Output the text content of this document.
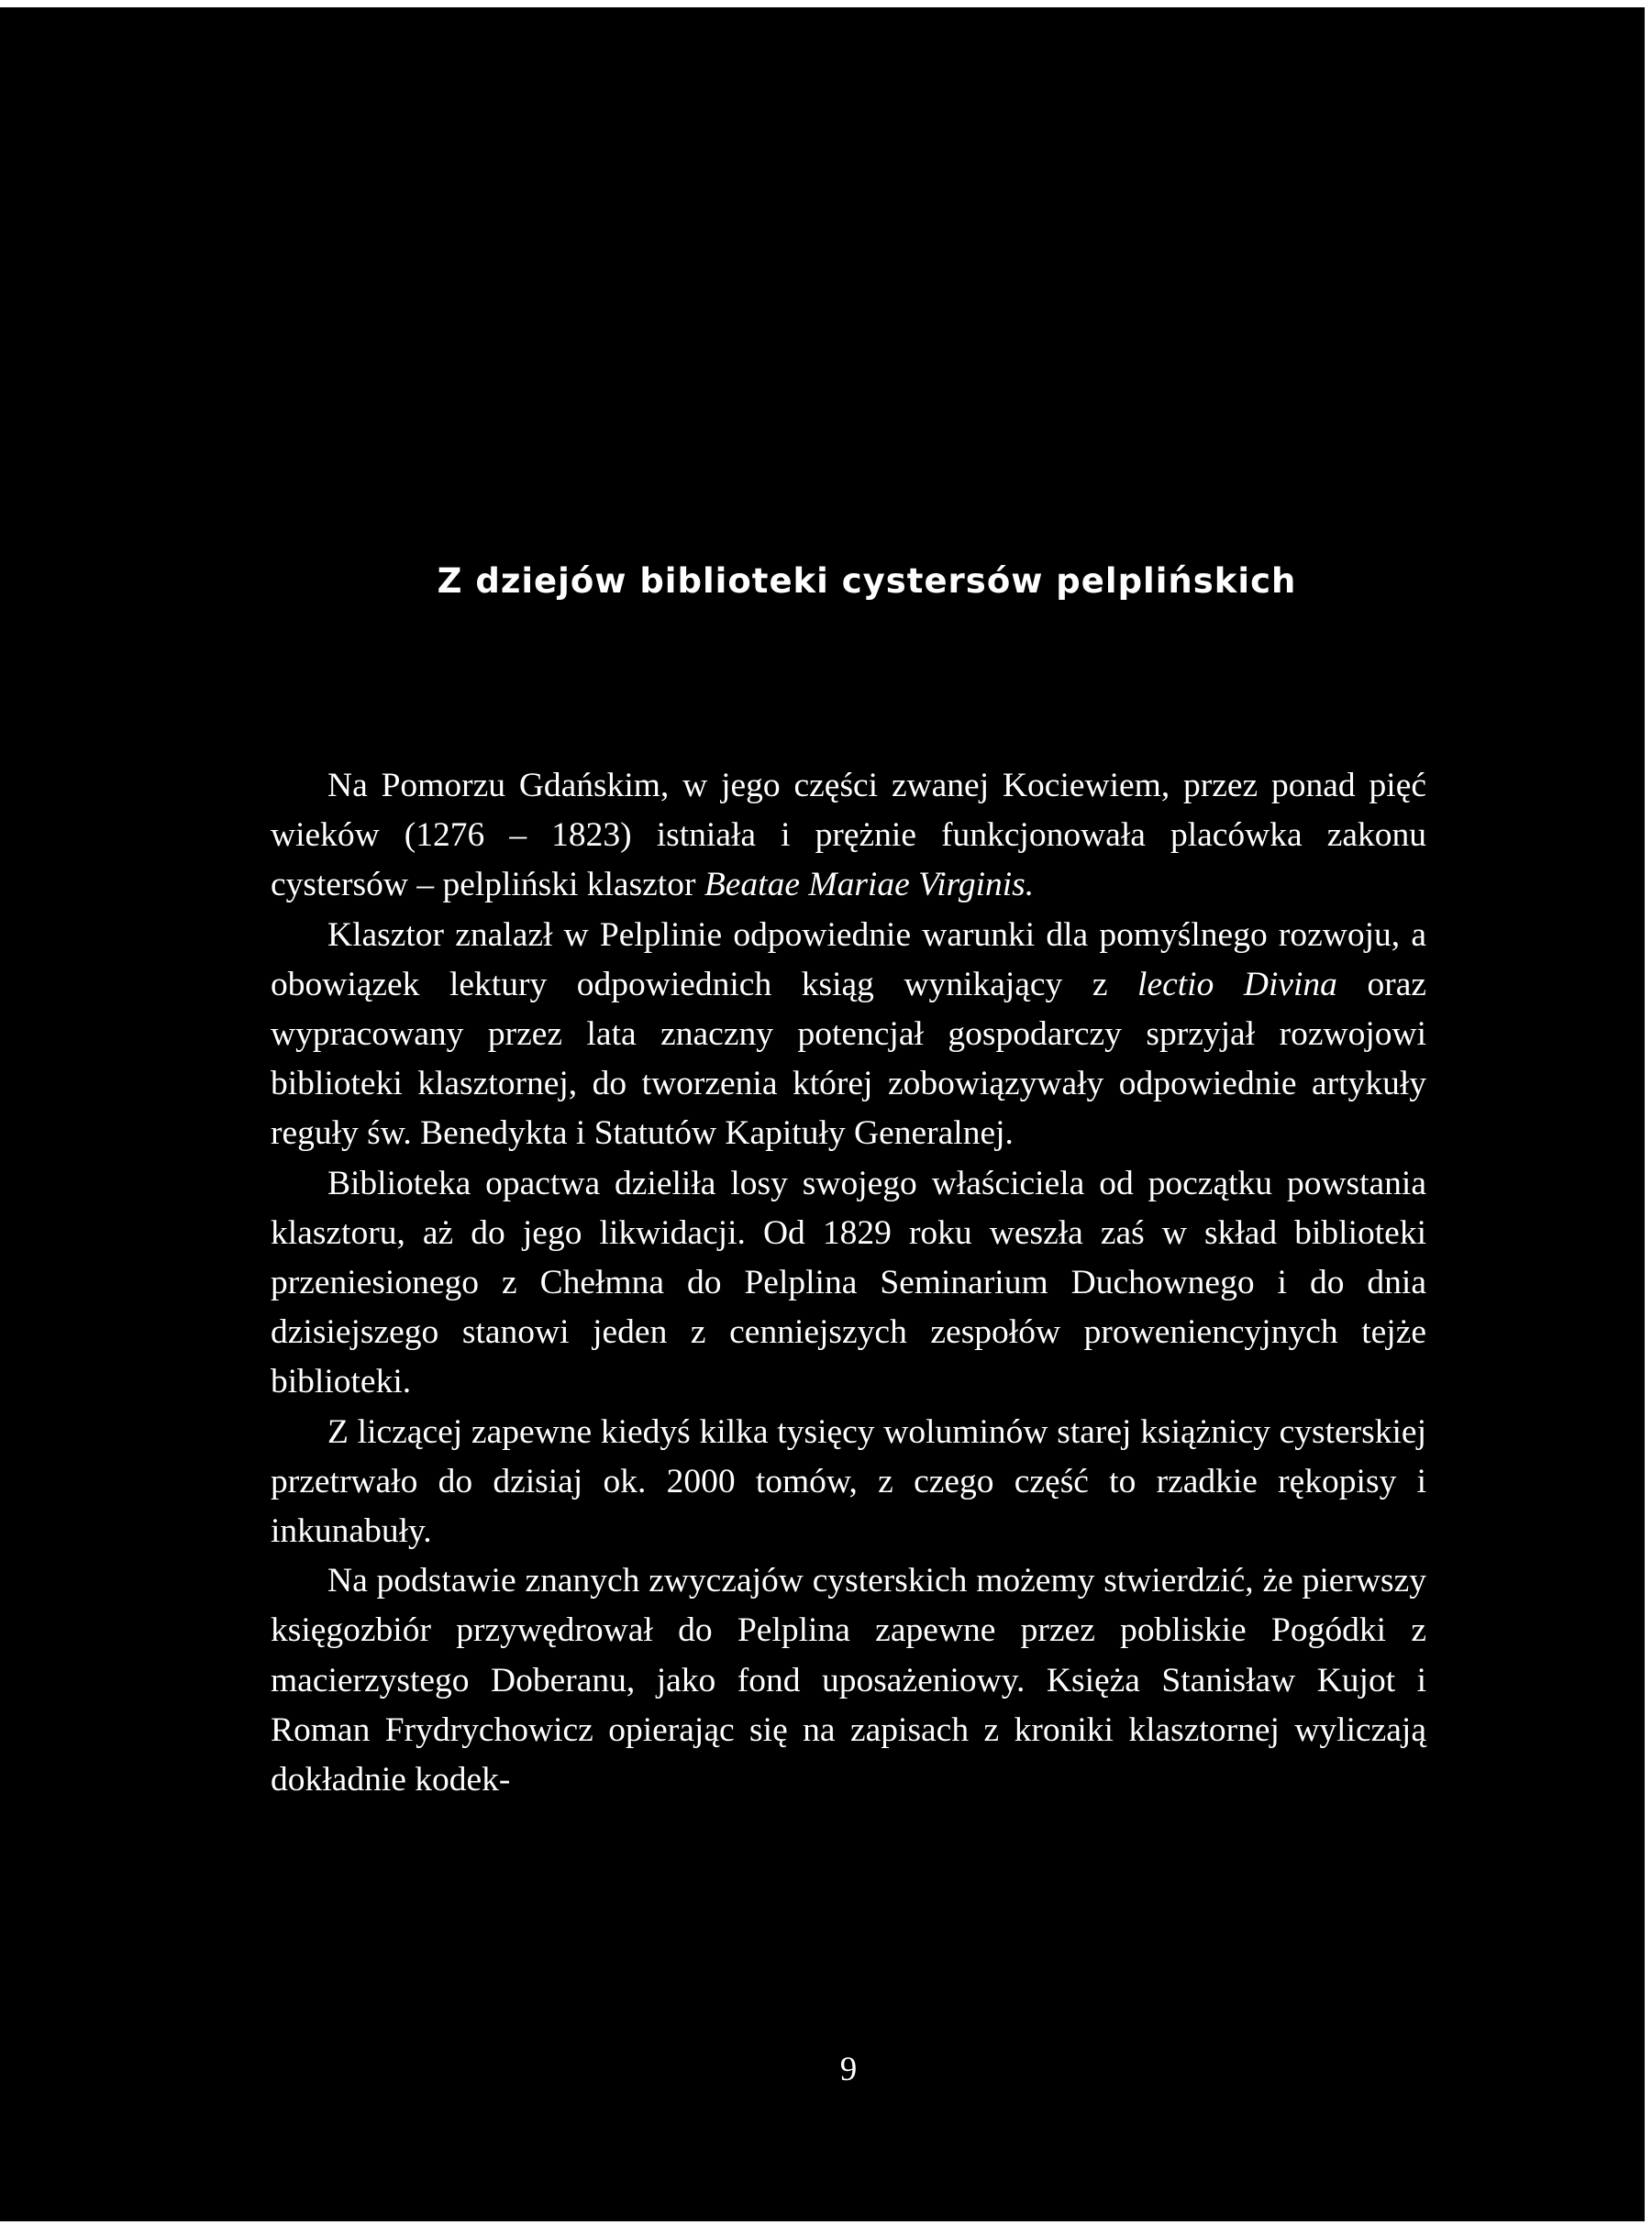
Z dziejów biblioteki cystersów pelplińskich

Na Pomorzu Gdańskim, w jego części zwanej Kociewiem, przez ponad pięć wieków (1276 – 1823) istniała i prężnie funkcjonowała placówka zakonu cystersów – pelpliński klasztor Beatae Mariae Virginis.

Klasztor znalazł w Pelplinie odpowiednie warunki dla pomyślnego rozwoju, a obowiązek lektury odpowiednich ksiąg wynikający z lectio Divina oraz wypracowany przez lata znaczny potencjał gospodarczy sprzyjał rozwojowi biblioteki klasztornej, do tworzenia której zobowiązywały odpowiednie artykuły reguły św. Benedykta i Statutów Kapituły Generalnej.

Biblioteka opactwa dzieliła losy swojego właściciela od początku powstania klasztoru, aż do jego likwidacji. Od 1829 roku weszła zaś w skład biblioteki przeniesionego z Chełmna do Pelplina Seminarium Duchownego i do dnia dzisiejszego stanowi jeden z cenniejszych zespołów proweniencyjnych tejże biblioteki.

Z liczącej zapewne kiedyś kilka tysięcy woluminów starej książnicy cysterskiej przetrwało do dzisiaj ok. 2000 tomów, z czego część to rzadkie rękopisy i inkunabuły.

Na podstawie znanych zwyczajów cysterskich możemy stwierdzić, że pierwszy księgozbiór przywędrował do Pelplina zapewne przez pobliskie Pogódki z macierzystego Doberanu, jako fond uposażeniowy. Księża Stanisław Kujot i Roman Frydrychowicz opierając się na zapisach z kroniki klasztornej wyliczają dokładnie kodek-

9
